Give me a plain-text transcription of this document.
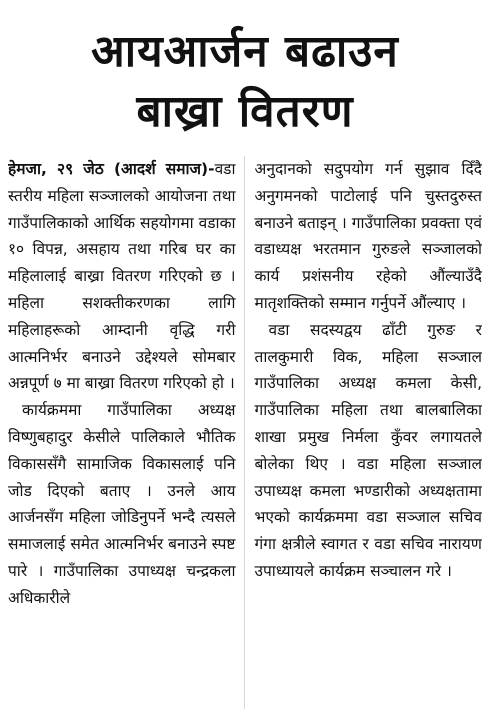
आयआर्जन बढाउन
बाख्रा वितरण

हेमजा, २९ जेठ (आदर्श समाज)-वडा स्तरीय महिला सञ्जालको आयोजना तथा गाउँपालिकाको आर्थिक सहयोगमा वडाका १० विपन्न, असहाय तथा गरिब घर का महिलालाई बाख्रा वितरण गरिएको छ । महिला सशक्तीकरणका लागि महिलाहरूको आम्दानी वृद्धि गरी आत्मनिर्भर बनाउने उद्देश्यले सोमबार अन्नपूर्ण ७ मा बाख्रा वितरण गरिएको हो ।

कार्यक्रममा गाउँपालिका अध्यक्ष विष्णुबहादुर केसीले पालिकाले भौतिक विकाससँगै सामाजिक विकासलाई पनि जोड दिएको बताए । उनले आय आर्जनसँग महिला जोडिनुपर्ने भन्दै त्यसले समाजलाई समेत आत्मनिर्भर बनाउने स्पष्ट पारे । गाउँपालिका उपाध्यक्ष चन्द्रकला अधिकारीले

अनुदानको सदुपयोग गर्न सुझाव दिँदै अनुगमनको पाटोलाई पनि चुस्तदुरुस्त बनाउने बताइन् । गाउँपालिका प्रवक्ता एवं वडाध्यक्ष भरतमान गुरुङले सञ्जालको कार्य प्रशंसनीय रहेको औंल्याउँदै मातृशक्तिको सम्मान गर्नुपर्ने औंल्याए ।

वडा सदस्यद्वय ढाँटी गुरुङ र तालकुमारी विक, महिला सञ्जाल गाउँपालिका अध्यक्ष कमला केसी, गाउँपालिका महिला तथा बालबालिका शाखा प्रमुख निर्मला कुँवर लगायतले बोलेका थिए । वडा महिला सञ्जाल उपाध्यक्ष कमला भण्डारीको अध्यक्षतामा भएको कार्यक्रममा वडा सञ्जाल सचिव गंगा क्षत्रीले स्वागत र वडा सचिव नारायण उपाध्यायले कार्यक्रम सञ्चालन गरे ।
